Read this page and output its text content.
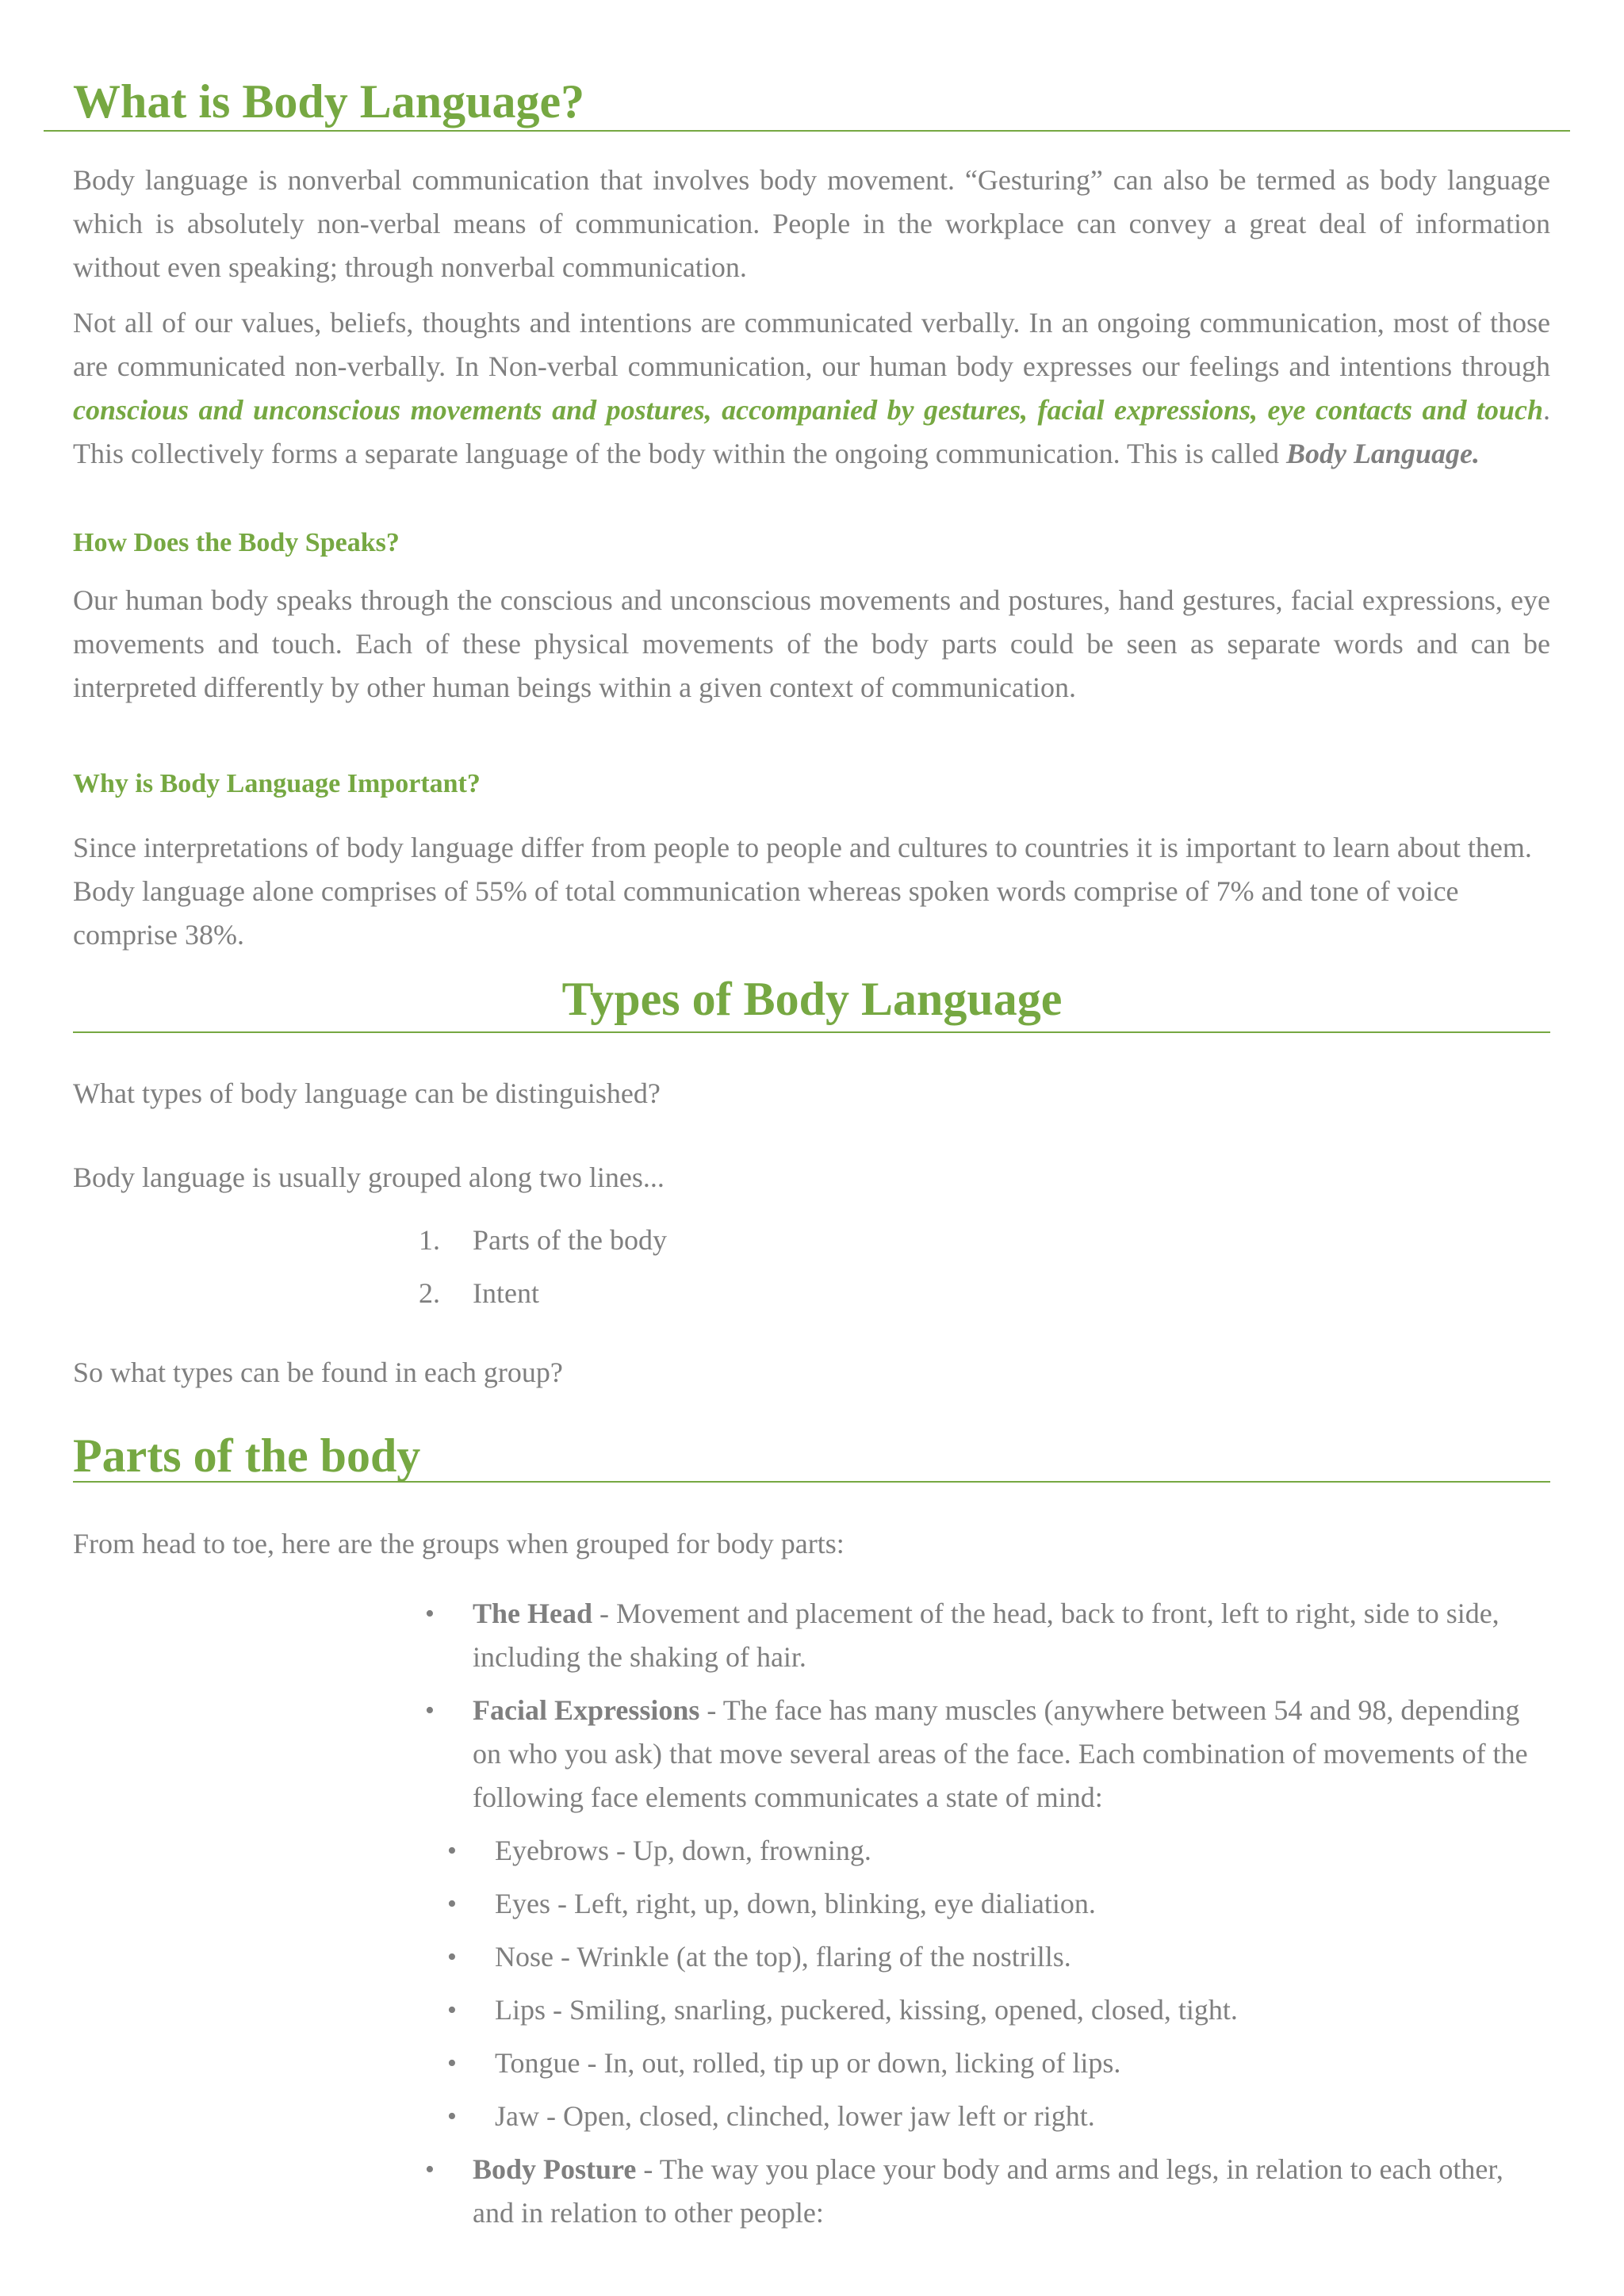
What is Body Language?

Body language is nonverbal communication that involves body movement. “Gesturing” can also be termed as body language which is absolutely non-verbal means of communication. People in the workplace can convey a great deal of information without even speaking; through nonverbal communication.

Not all of our values, beliefs, thoughts and intentions are communicated verbally. In an ongoing communication, most of those are communicated non-verbally. In Non-verbal communication, our human body expresses our feelings and intentions through conscious and unconscious movements and postures, accompanied by gestures, facial expressions, eye contacts and touch. This collectively forms a separate language of the body within the ongoing communication. This is called Body Language.

How Does the Body Speaks?

Our human body speaks through the conscious and unconscious movements and postures, hand gestures, facial expressions, eye movements and touch. Each of these physical movements of the body parts could be seen as separate words and can be interpreted differently by other human beings within a given context of communication.

Why is Body Language Important?

Since interpretations of body language differ from people to people and cultures to countries it is important to learn about them. Body language alone comprises of 55% of total communication whereas spoken words comprise of 7% and tone of voice comprise 38%.

Types of Body Language

What types of body language can be distinguished?

Body language is usually grouped along two lines...

1. Parts of the body
2. Intent

So what types can be found in each group?

Parts of the body

From head to toe, here are the groups when grouped for body parts:

• The Head - Movement and placement of the head, back to front, left to right, side to side, including the shaking of hair.
• Facial Expressions - The face has many muscles (anywhere between 54 and 98, depending on who you ask) that move several areas of the face. Each combination of movements of the following face elements communicates a state of mind:
• Eyebrows - Up, down, frowning.
• Eyes - Left, right, up, down, blinking, eye dialiation.
• Nose - Wrinkle (at the top), flaring of the nostrills.
• Lips - Smiling, snarling, puckered, kissing, opened, closed, tight.
• Tongue - In, out, rolled, tip up or down, licking of lips.
• Jaw - Open, closed, clinched, lower jaw left or right.
• Body Posture - The way you place your body and arms and legs, in relation to each other, and in relation to other people:
